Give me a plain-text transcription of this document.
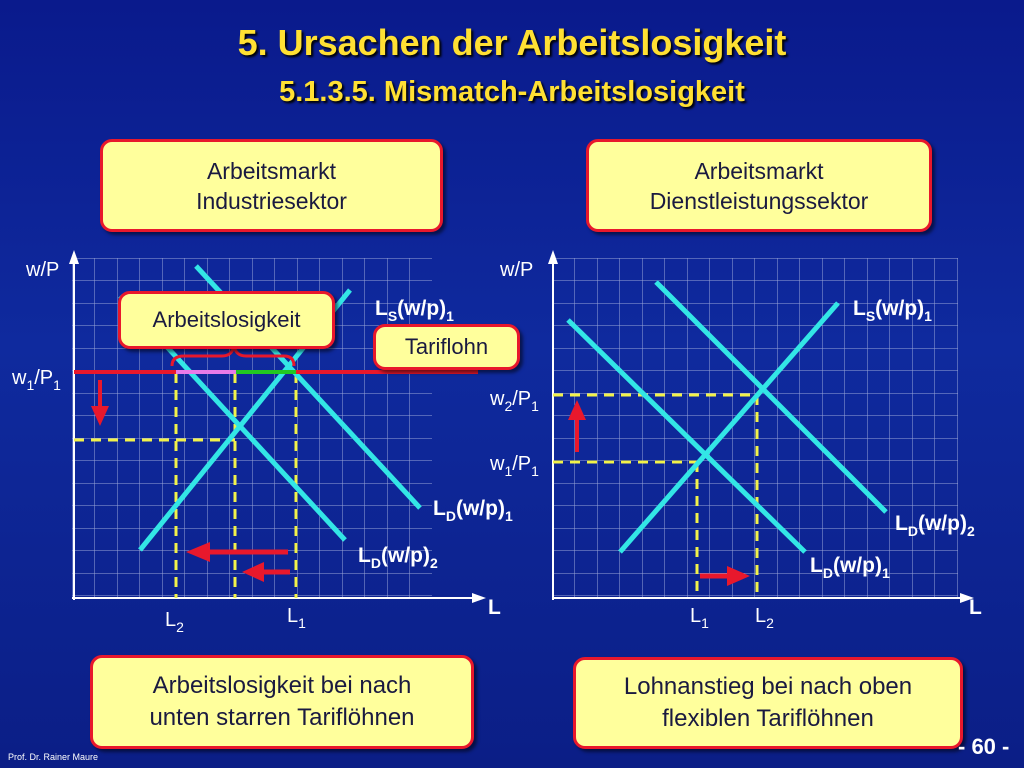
5. Ursachen der Arbeitslosigkeit
5.1.3.5. Mismatch-Arbeitslosigkeit
w/P
$w_1/P_1$
$L_S(w/p)_1$
$L_D(w/p)_1$
$L_D(w/p)_2$
L
$L_2$	$L_1$
w/P
$w_2/P_1$
$w_1/P_1$
$L_S(w/p)_1$
$L_D(w/p)_2$
$L_D(w/p)_1$
L
$L_1$ $L_2$
Arbeitsmarkt
Industriesektor
Arbeitsmarkt
Dienstleistungssektor
Arbeitslosigkeit
Tariflohn
Arbeitslosigkeit bei nach
unten starren Tariflöhnen
Lohnanstieg bei nach oben
flexiblen Tariflöhnen
Prof. Dr. Rainer Maure	- 60 -
